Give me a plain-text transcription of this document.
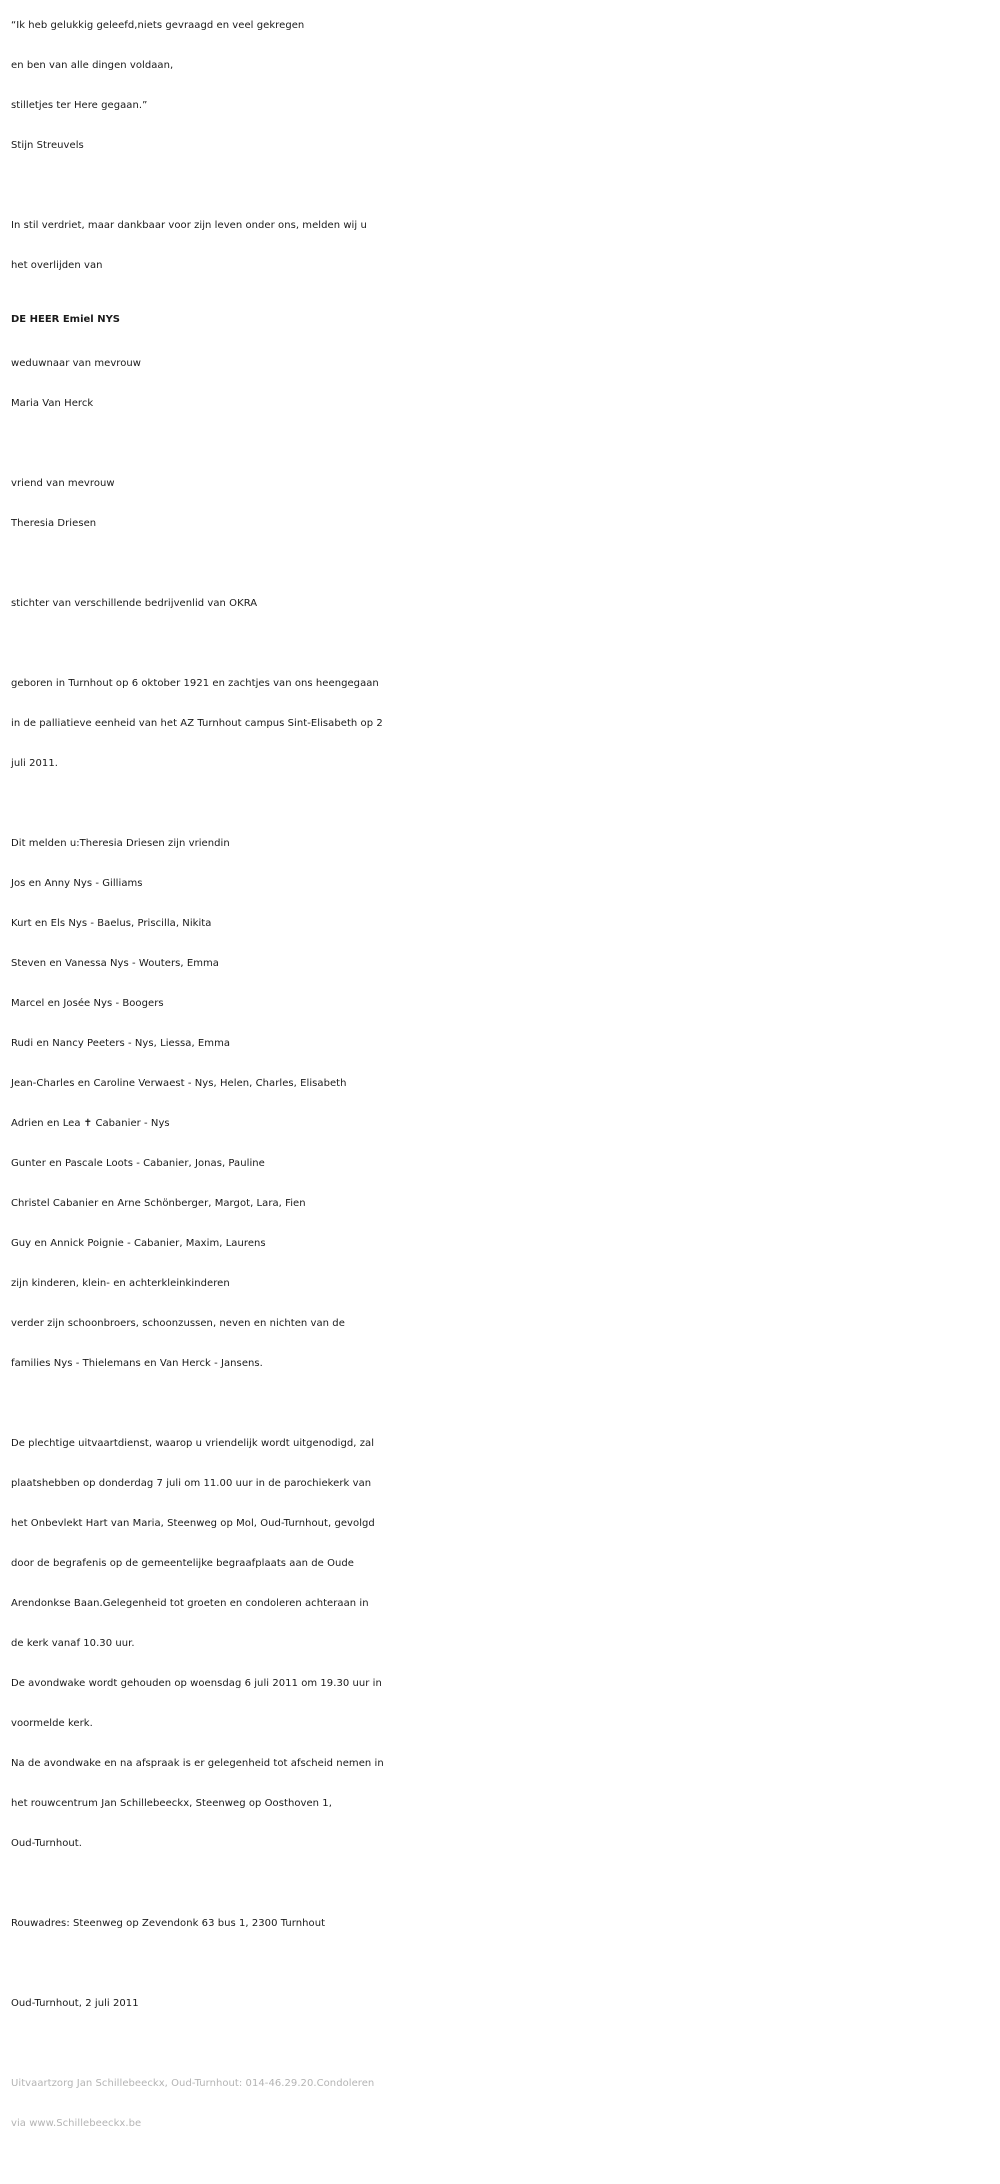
“Ik heb gelukkig geleefd,niets gevraagd en veel gekregen
en ben van alle dingen voldaan,
stilletjes ter Here gegaan.”
Stijn Streuvels
In stil verdriet, maar dankbaar voor zijn leven onder ons, melden wij u
het overlijden van
DE HEER Emiel NYS
weduwnaar van mevrouw
Maria Van Herck
vriend van mevrouw
Theresia Driesen
stichter van verschillende bedrijvenlid van OKRA
geboren in Turnhout op 6 oktober 1921 en zachtjes van ons heengegaan
in de palliatieve eenheid van het AZ Turnhout campus Sint-Elisabeth op 2
juli 2011.
Dit melden u:Theresia Driesen zijn vriendin
Jos en Anny Nys - Gilliams
Kurt en Els Nys - Baelus, Priscilla, Nikita
Steven en Vanessa Nys - Wouters, Emma
Marcel en Josée Nys - Boogers
Rudi en Nancy Peeters - Nys, Liessa, Emma
Jean-Charles en Caroline Verwaest - Nys, Helen, Charles, Elisabeth
Adrien en Lea ✝ Cabanier - Nys
Gunter en Pascale Loots - Cabanier, Jonas, Pauline
Christel Cabanier en Arne Schönberger, Margot, Lara, Fien
Guy en Annick Poignie - Cabanier, Maxim, Laurens
zijn kinderen, klein- en achterkleinkinderen
verder zijn schoonbroers, schoonzussen, neven en nichten van de
families Nys - Thielemans en Van Herck - Jansens.
De plechtige uitvaartdienst, waarop u vriendelijk wordt uitgenodigd, zal
plaatshebben op donderdag 7 juli om 11.00 uur in de parochiekerk van
het Onbevlekt Hart van Maria, Steenweg op Mol, Oud-Turnhout, gevolgd
door de begrafenis op de gemeentelijke begraafplaats aan de Oude
Arendonkse Baan.Gelegenheid tot groeten en condoleren achteraan in
de kerk vanaf 10.30 uur.
De avondwake wordt gehouden op woensdag 6 juli 2011 om 19.30 uur in
voormelde kerk.
Na de avondwake en na afspraak is er gelegenheid tot afscheid nemen in
het rouwcentrum Jan Schillebeeckx, Steenweg op Oosthoven 1,
Oud-Turnhout.
Rouwadres: Steenweg op Zevendonk 63 bus 1, 2300 Turnhout
Oud-Turnhout, 2 juli 2011
Uitvaartzorg Jan Schillebeeckx, Oud-Turnhout: 014-46.29.20.Condoleren
via www.Schillebeeckx.be
